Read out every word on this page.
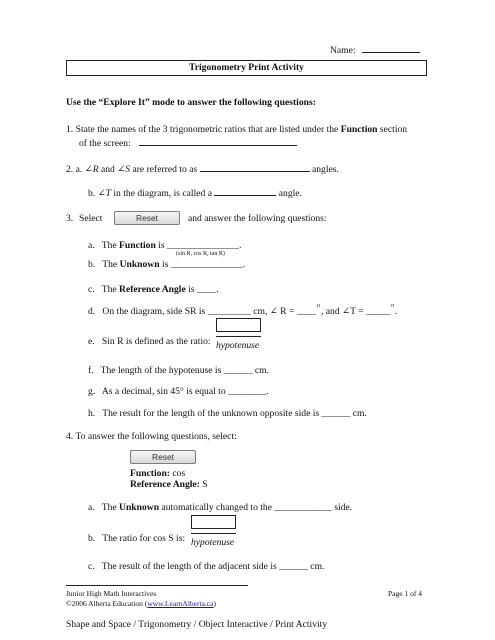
Name:
Trigonometry Print Activity
Use the “Explore It” mode to answer the following questions:
1. State the names of the 3 trigonometric ratios that are listed under the Function section
of the screen:
2. a. ∠R and ∠S are referred to as	angles.
b. ∠T in the diagram, is called a	angle.
3. Select	Reset	and answer the following questions:
a. The Function is _______________.
(sin R, cos R, tan R)
b. The Unknown is _______________.
c. The Reference Angle is ____.
d. On the diagram, side SR is _________ cm, ∠ R = ____$^o$, and ∠T = _____$^o$.
e. Sin R is defined as the ratio: hypotenuse
f. The length of the hypotenuse is ______ cm.
g. As a decimal, sin 45° is equal to ________.
h. The result for the length of the unknown opposite side is ______ cm.
4. To answer the following questions, select:
Reset
Function: cos
Reference Angle: S
a. The Unknown automatically changed to the ____________ side.
b. The ratio for cos S is: hypotenuse
c. The result of the length of the adjacent side is ______ cm.
Junior High Math Interactives
©2006 Alberta Education (www.LearnAlberta.ca)
Page 1 of 4
Shape and Space / Trigonometry / Object Interactive / Print Activity
